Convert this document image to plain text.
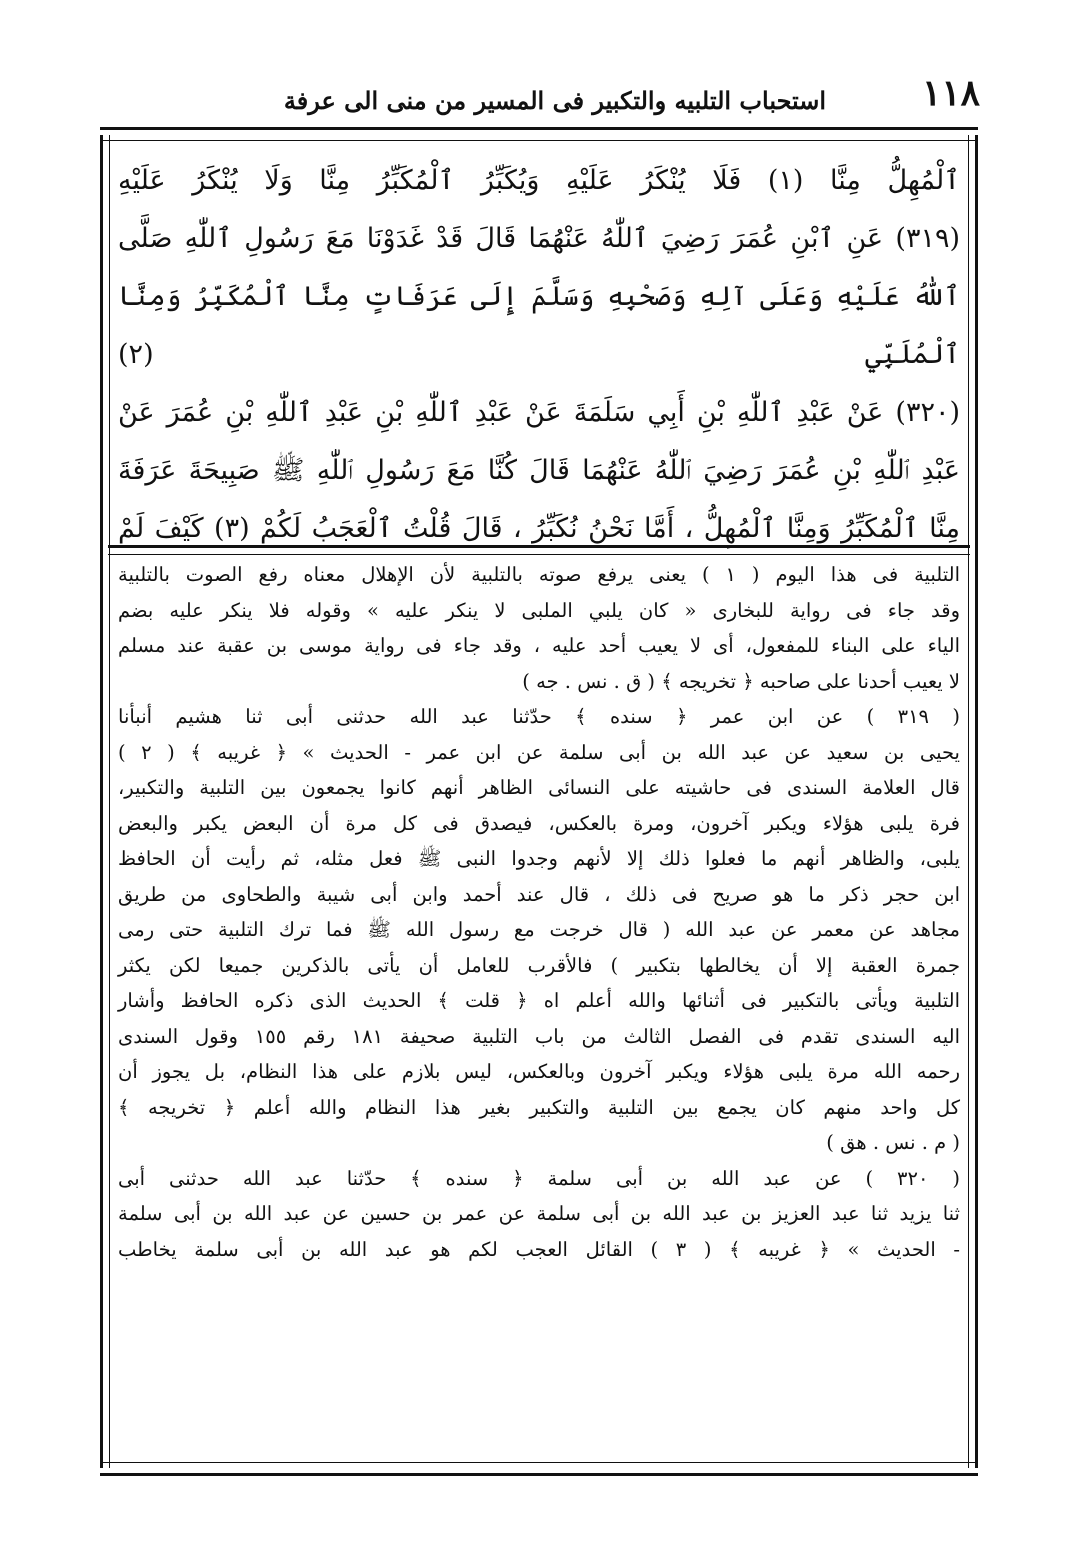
١١٨
استحباب التلبيه والتكبير فى المسير من منى الى عرفة

ٱلْمُهِلُّ مِنَّا (١) فَلَا يُنْكَرُ عَلَيْهِ وَيُكَبِّرُ ٱلْمُكَبِّرُ مِنَّا وَلَا يُنْكَرُ عَلَيْهِ

(٣١٩) عَنِ ٱبْنِ عُمَرَ رَضِيَ ٱللّٰهُ عَنْهُمَا قَالَ قَدْ غَدَوْنَا مَعَ رَسُولِ ٱللّٰهِ صَلَّى

ٱللّٰهُ عَلَيْهِ وَعَلَى آلِهِ وَصَحْبِهِ وَسَلَّمَ إِلَى عَرَفَاتٍ مِنَّا ٱلْمُكَبِّرُ وَمِنَّا ٱلْمُلَبِّي (٢)

(٣٢٠) عَنْ عَبْدِ ٱللّٰهِ بْنِ أَبِي سَلَمَةَ عَنْ عَبْدِ ٱللّٰهِ بْنِ عَبْدِ ٱللّٰهِ بْنِ عُمَرَ عَنْ

عَبْدِ ٱللّٰهِ بْنِ عُمَرَ رَضِيَ ٱللّٰهُ عَنْهُمَا قَالَ كُنَّا مَعَ رَسُولِ ٱللّٰهِ ﷺ صَبِيحَةَ عَرَفَةَ

مِنَّا ٱلْمُكَبِّرُ وَمِنَّا ٱلْمُهِلُّ ، أَمَّا نَحْنُ نُكَبِّرُ ، قَالَ قُلْتُ ٱلْعَجَبُ لَكُمْ (٣) كَيْفَ لَمْ

التلبية فى هذا اليوم ( ١ ) يعنى يرفع صوته بالتلبية لأن الإهلال معناه رفع الصوت بالتلبية

وقد جاء فى رواية للبخارى « كان يلبي الملبى لا ينكر عليه » وقوله فلا ينكر عليه بضم

الياء على البناء للمفعول، أى لا يعيب أحد عليه ، وقد جاء فى رواية موسى بن عقبة عند مسلم

لا يعيب أحدنا على صاحبه ﴿ تخريجه ﴾ ( ق . نس . جه )

( ٣١٩ ) عن ابن عمر ﴿ سنده ﴾ حدّثنا عبد الله حدثنى أبى ثنا هشيم أنبأنا

يحيى بن سعيد عن عبد الله بن أبى سلمة عن ابن عمر - الحديث » ﴿ غريبه ﴾ ( ٢ )

قال العلامة السندى فى حاشيته على النسائى الظاهر أنهم كانوا يجمعون بين التلبية والتكبير،

فرة يلبى هؤلاء ويكبر آخرون، ومرة بالعكس، فيصدق فى كل مرة أن البعض يكبر والبعض

يلبى، والظاهر أنهم ما فعلوا ذلك إلا لأنهم وجدوا النبى ﷺ فعل مثله، ثم رأيت أن الحافظ

ابن حجر ذكر ما هو صريح فى ذلك ، قال عند أحمد وابن أبى شيبة والطحاوى من طريق

مجاهد عن معمر عن عبد الله ( قال خرجت مع رسول الله ﷺ فما ترك التلبية حتى رمى

جمرة العقبة إلا أن يخالطها بتكبير ) فالأقرب للعامل أن يأتى بالذكرين جميعا لكن يكثر

التلبية ويأتى بالتكبير فى أثنائها والله أعلم اه ﴿ قلت ﴾ الحديث الذى ذكره الحافظ وأشار

اليه السندى تقدم فى الفصل الثالث من باب التلبية صحيفة ١٨١ رقم ١٥٥ وقول السندى

رحمه الله مرة يلبى هؤلاء ويكبر آخرون وبالعكس، ليس بلازم على هذا النظام، بل يجوز أن

كل واحد منهم كان يجمع بين التلبية والتكبير بغير هذا النظام والله أعلم ﴿ تخريجه ﴾

( م . نس . هق )

( ٣٢٠ ) عن عبد الله بن أبى سلمة ﴿ سنده ﴾ حدّثنا عبد الله حدثنى أبى

ثنا يزيد ثنا عبد العزيز بن عبد الله بن أبى سلمة عن عمر بن حسين عن عبد الله بن أبى سلمة

- الحديث » ﴿ غريبه ﴾ ( ٣ ) القائل العجب لكم هو عبد الله بن أبى سلمة يخاطب
